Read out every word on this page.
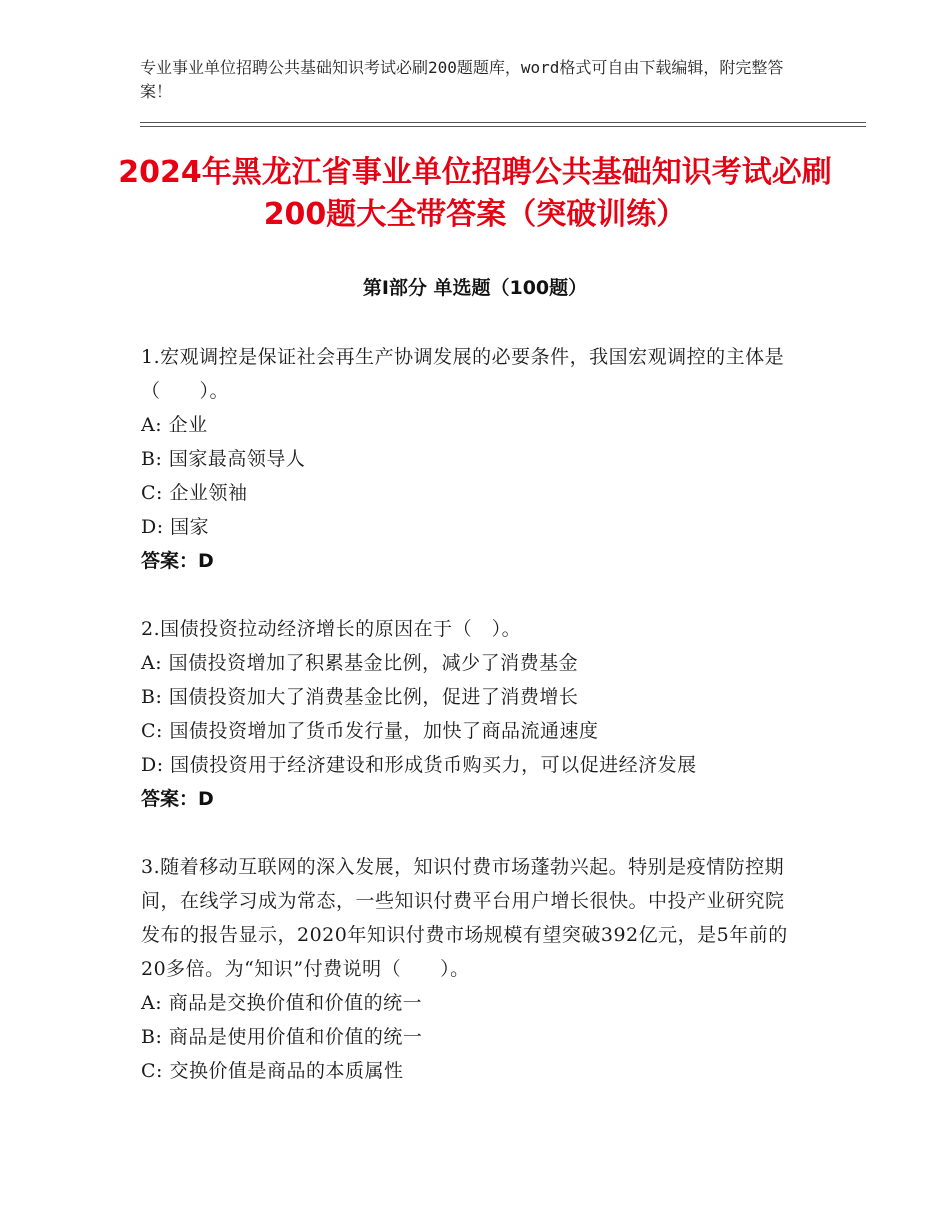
专业事业单位招聘公共基础知识考试必刷200题题库，word格式可自由下载编辑，附完整答案！
2024年黑龙江省事业单位招聘公共基础知识考试必刷200题大全带答案（突破训练）
第Ⅰ部分 单选题（100题）
1.宏观调控是保证社会再生产协调发展的必要条件，我国宏观调控的主体是（　　）。
A: 企业
B: 国家最高领导人
C: 企业领袖
D: 国家
答案：D
2.国债投资拉动经济增长的原因在于（　）。
A: 国债投资增加了积累基金比例，减少了消费基金
B: 国债投资加大了消费基金比例，促进了消费增长
C: 国债投资增加了货币发行量，加快了商品流通速度
D: 国债投资用于经济建设和形成货币购买力，可以促进经济发展
答案：D
3.随着移动互联网的深入发展，知识付费市场蓬勃兴起。特别是疫情防控期间，在线学习成为常态，一些知识付费平台用户增长很快。中投产业研究院发布的报告显示，2020年知识付费市场规模有望突破392亿元，是5年前的20多倍。为“知识”付费说明（　　）。
A: 商品是交换价值和价值的统一
B: 商品是使用价值和价值的统一
C: 交换价值是商品的本质属性
